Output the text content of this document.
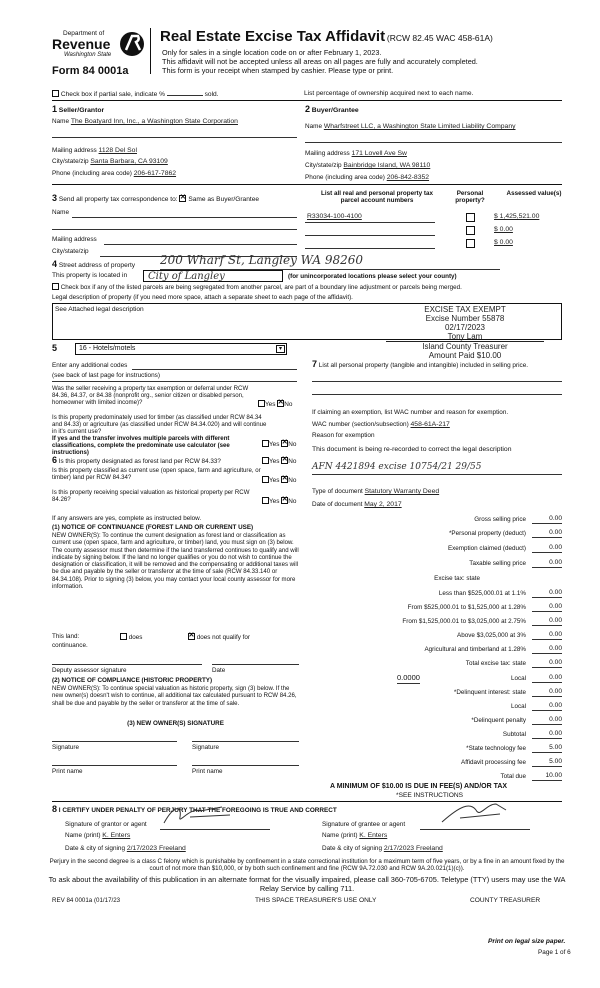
Department of
Revenue
Washington State
Form 84 0001a
Real Estate Excise Tax Affidavit (RCW 82.45 WAC 458-61A)
Only for sales in a single location code on or after February 1, 2023.
This affidavit will not be accepted unless all areas on all pages are fully and accurately completed.
This form is your receipt when stamped by cashier. Please type or print.
Check box if partial sale, indicate %	sold.	List percentage of ownership acquired next to each name.
1 Seller/Grantor
Name The Boatyard Inn, Inc., a Washington State Corporation
Mailing address 1128 Del Sol
City/state/zip Santa Barbara, CA 93109
Phone (including area code) 206-617-7862
2 Buyer/Grantee
Name Wharfstreet LLC, a Washington State Limited Liability Company
Mailing address 171 Lovell Ave Sw
City/state/zip Bainbridge Island, WA 98110
Phone (including area code) 206-842-8352
3 Send all property tax correspondence to: ✕ Same as Buyer/Grantee
Name
Mailing address
City/state/zip
List all real and personal property tax parcel account numbers
Personal property?
Assessed value(s)
R33034-100-4100	$ 1,425,521.00
$ 0.00
$ 0.00
4 Street address of property 200 Wharf St, Langley WA 98260
This property is located in	City of Langley	(for unincorporated locations please select your county)
Check box if any of the listed parcels are being segregated from another parcel, are part of a boundary line adjustment or parcels being merged.
Legal description of property (if you need more space, attach a separate sheet to each page of the affidavit).
See Attached legal description	EXCISE TAX EXEMPT
Excise Number 55878
02/17/2023
Tony Lam
Island County Treasurer
Amount Paid $10.00
5	16 - Hotels/motels	▾
Enter any additional codes
(see back of last page for instructions)
Was the seller receiving a property tax exemption or deferral under RCW 84.36, 84.37, or 84.38 (nonprofit org., senior citizen or disabled person, homeowner with limited income)?	Yes ✕ No
Is this property predominately used for timber (as classified under RCW 84.34 and 84.33) or agriculture (as classified under RCW 84.34.020) and will continue in it's current use?
If yes and the transfer involves multiple parcels with different classifications, complete the predominate use calculator (see instructions)
Yes ✕ No
6 Is this property designated as forest land per RCW 84.33?	Yes ✕ No
Is this property classified as current use (open space, farm and agriculture, or timber) land per RCW 84.34?	Yes ✕ No
Is this property receiving special valuation as historical property per RCW 84.26?	Yes ✕ No
If any answers are yes, complete as instructed below.
(1) NOTICE OF CONTINUANCE (FOREST LAND OR CURRENT USE)
NEW OWNER(S): To continue the current designation as forest land or classification as current use (open space, farm and agriculture, or timber) land, you must sign on (3) below. The county assessor must then determine if the land transferred continues to qualify and will indicate by signing below. If the land no longer qualifies or you do not wish to continue the designation or classification, it will be removed and the compensating or additional taxes will be due and payable by the seller or transferor at the time of sale (RCW 84.33.140 or 84.34.108). Prior to signing (3) below, you may contact your local county assessor for more information.
This land:	does ✕	does not qualify for
continuance.
Deputy assessor signature	Date
(2) NOTICE OF COMPLIANCE (HISTORIC PROPERTY)
NEW OWNER(S): To continue special valuation as historic property, sign (3) below. If the new owner(s) doesn't wish to continue, all additional tax calculated pursuant to RCW 84.26, shall be due and payable by the seller or transferor at the time of sale.
(3) NEW OWNER(S) SIGNATURE
Signature	Signature
Print name	Print name
7 List all personal property (tangible and intangible) included in selling price.
If claiming an exemption, list WAC number and reason for exemption.
WAC number (section/subsection) 458-61A-217
Reason for exemption
This document is being re-recorded to correct the legal description
AFN 4421894 excise 10754/21 29/55
Type of document Statutory Warranty Deed
Date of document May 2, 2017
Gross selling price	0.00
*Personal property (deduct)	0.00
Exemption claimed (deduct)	0.00
Taxable selling price	0.00
Excise tax: state
Less than $525,000.01 at 1.1%	0.00
From $525,000.01 to $1,525,000 at 1.28%	0.00
From $1,525,000.01 to $3,025,000 at 2.75%	0.00
Above $3,025,000 at 3%	0.00
Agricultural and timberland at 1.28%	0.00
Total excise tax: state	0.00
0.0000	Local	0.00
*Delinquent interest: state	0.00
Local	0.00
*Delinquent penalty	0.00
Subtotal	0.00
*State technology fee	5.00
Affidavit processing fee	5.00
Total due	10.00
A MINIMUM OF $10.00 IS DUE IN FEE(S) AND/OR TAX
*SEE INSTRUCTIONS
8 I CERTIFY UNDER PENALTY OF PERJURY THAT THE FOREGOING IS TRUE AND CORRECT
Signature of grantor or agent	Signature of grantee or agent
Name (print) K. Enters	Name (print) K. Enters
Date & city of signing 2/17/2023 Freeland	Date & city of signing 2/17/2023 Freeland
Perjury in the second degree is a class C felony which is punishable by confinement in a state correctional institution for a maximum term of five years, or by a fine in an amount fixed by the court of not more than $10,000, or by both such confinement and fine (RCW 9A.72.030 and RCW 9A.20.021(1)(c)).
To ask about the availability of this publication in an alternate format for the visually impaired, please call 360-705-6705. Teletype (TTY) users may use the WA Relay Service by calling 711.
REV 84 0001a (01/17/23	THIS SPACE TREASURER'S USE ONLY	COUNTY TREASURER
Print on legal size paper.
Page 1 of 6
